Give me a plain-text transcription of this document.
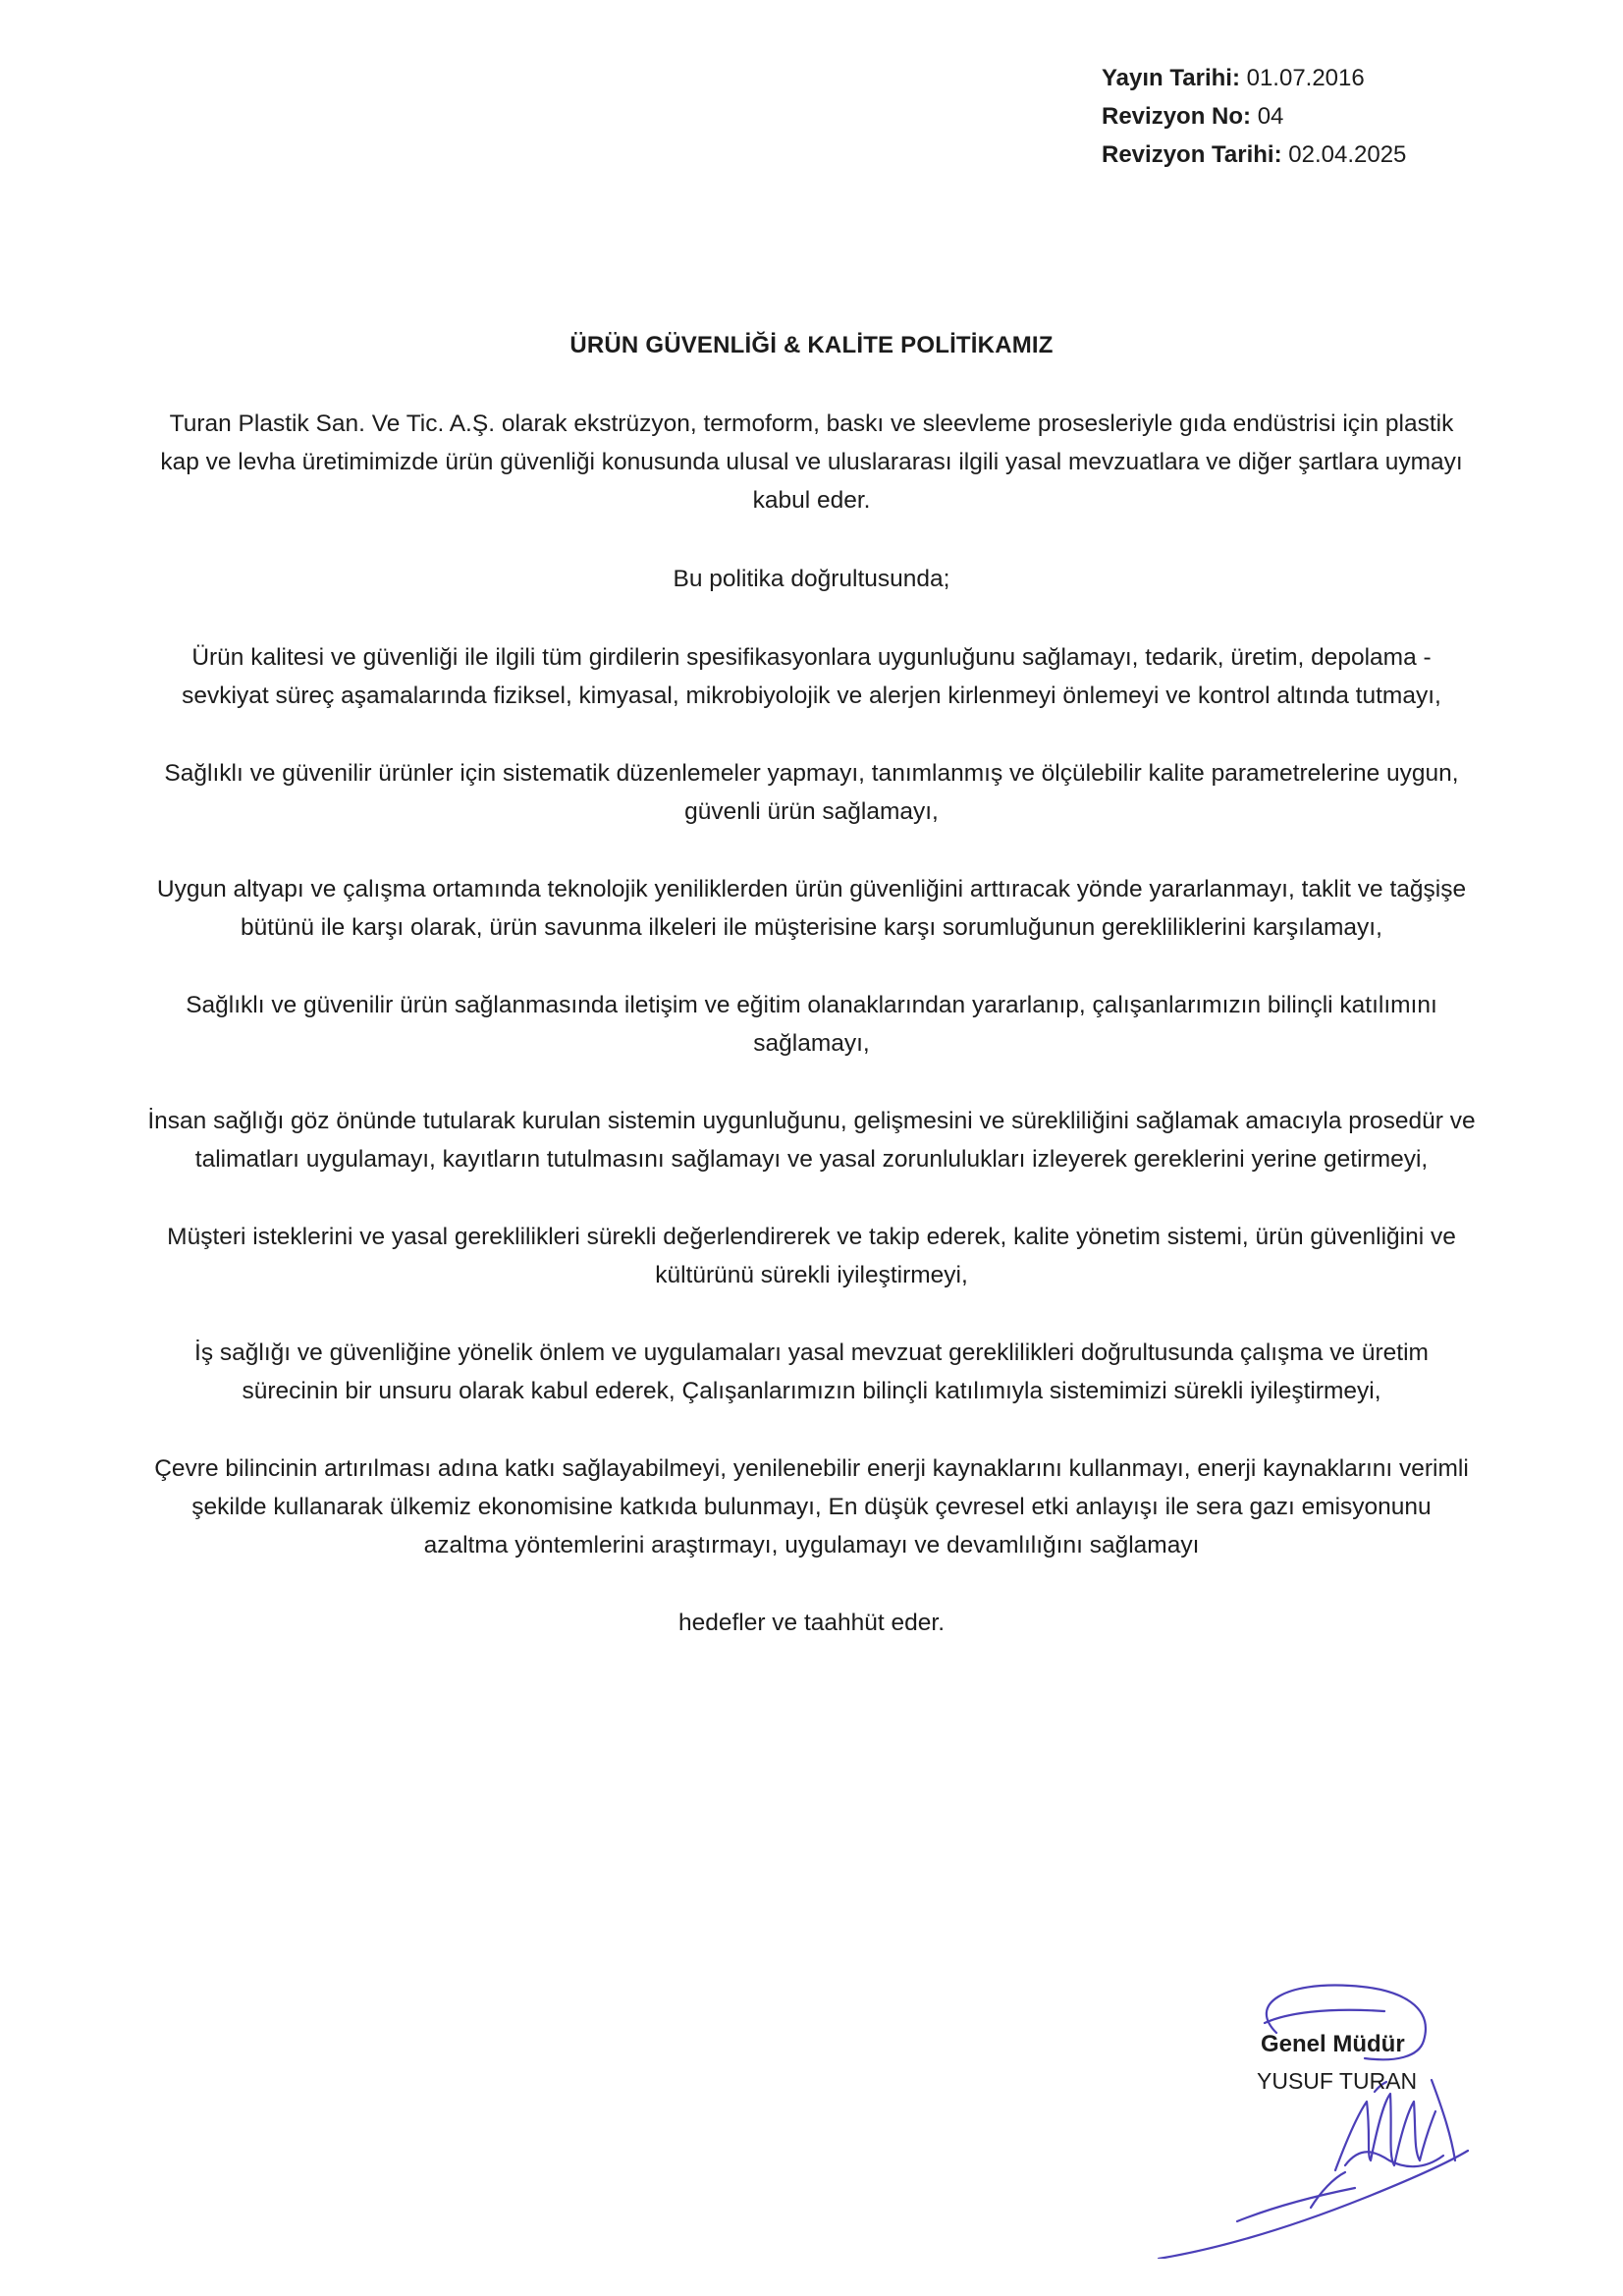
Yayın Tarihi: 01.07.2016
Revizyon No: 04
Revizyon Tarihi: 02.04.2025
ÜRÜN GÜVENLİĞİ & KALİTE POLİTİKAMIZ

Turan Plastik San. Ve Tic. A.Ş. olarak ekstrüzyon, termoform, baskı ve sleevleme prosesleriyle gıda endüstrisi için plastik kap ve levha üretimimizde ürün güvenliği konusunda ulusal ve uluslararası ilgili yasal mevzuatlara ve diğer şartlara uymayı kabul eder.

Bu politika doğrultusunda;

Ürün kalitesi ve güvenliği ile ilgili tüm girdilerin spesifikasyonlara uygunluğunu sağlamayı, tedarik, üretim, depolama - sevkiyat süreç aşamalarında fiziksel, kimyasal, mikrobiyolojik ve alerjen kirlenmeyi önlemeyi ve kontrol altında tutmayı,

Sağlıklı ve güvenilir ürünler için sistematik düzenlemeler yapmayı, tanımlanmış ve ölçülebilir kalite parametrelerine uygun, güvenli ürün sağlamayı,

Uygun altyapı ve çalışma ortamında teknolojik yeniliklerden ürün güvenliğini arttıracak yönde yararlanmayı, taklit ve tağşişe bütünü ile karşı olarak, ürün savunma ilkeleri ile müşterisine karşı sorumluğunun gerekliliklerini karşılamayı,

Sağlıklı ve güvenilir ürün sağlanmasında iletişim ve eğitim olanaklarından yararlanıp, çalışanlarımızın bilinçli katılımını sağlamayı,

İnsan sağlığı göz önünde tutularak kurulan sistemin uygunluğunu, gelişmesini ve sürekliliğini sağlamak amacıyla prosedür ve talimatları uygulamayı, kayıtların tutulmasını sağlamayı ve yasal zorunlulukları izleyerek gereklerini yerine getirmeyi,

Müşteri isteklerini ve yasal gereklilikleri sürekli değerlendirerek ve takip ederek, kalite yönetim sistemi, ürün güvenliğini ve kültürünü sürekli iyileştirmeyi,

İş sağlığı ve güvenliğine yönelik önlem ve uygulamaları yasal mevzuat gereklilikleri doğrultusunda çalışma ve üretim sürecinin bir unsuru olarak kabul ederek, Çalışanlarımızın bilinçli katılımıyla sistemimizi sürekli iyileştirmeyi,

Çevre bilincinin artırılması adına katkı sağlayabilmeyi, yenilenebilir enerji kaynaklarını kullanmayı, enerji kaynaklarını verimli şekilde kullanarak ülkemiz ekonomisine katkıda bulunmayı, En düşük çevresel etki anlayışı ile sera gazı emisyonunu azaltma yöntemlerini araştırmayı, uygulamayı ve devamlılığını sağlamayı

hedefler ve taahhüt eder.

Genel Müdür
YUSUF TURAN
